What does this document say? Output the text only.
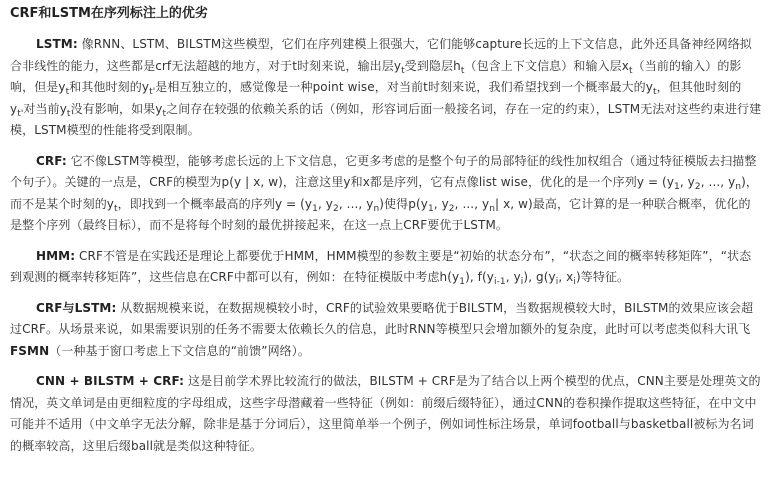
CRF和LSTM在序列标注上的优劣

LSTM: 像RNN、LSTM、BILSTM这些模型，它们在序列建模上很强大，它们能够capture长远的上下文信息，此外还具备神经网络拟合非线性的能力，这些都是crf无法超越的地方，对于t时刻来说，输出层$y_t$受到隐层$h_t$（包含上下文信息）和输入层$x_t$（当前的输入）的影响，但是$y_t$和其他时刻的$y_{t'}$是相互独立的，感觉像是一种point wise，对当前t时刻来说，我们希望找到一个概率最大的$y_t$，但其他时刻的$y_{t'}$对当前$y_t$没有影响，如果$y_t$之间存在较强的依赖关系的话（例如，形容词后面一般接名词，存在一定的约束），LSTM无法对这些约束进行建模，LSTM模型的性能将受到限制。

CRF: 它不像LSTM等模型，能够考虑长远的上下文信息，它更多考虑的是整个句子的局部特征的线性加权组合（通过特征模版去扫描整个句子）。关键的一点是，CRF的模型为p(y | x, w)，注意这里y和x都是序列，它有点像list wise，优化的是一个序列$y = (y_1$, $y_2$, ..., $y_n$)，而不是某个时刻的$y_t$，即找到一个概率最高的序列$y = (y_1$, $y_2$, ..., $y_n$)使得$p(y_1$, $y_2$, ..., $y_n|$ x, w)最高，它计算的是一种联合概率，优化的是整个序列（最终目标），而不是将每个时刻的最优拼接起来，在这一点上CRF要优于LSTM。

HMM: CRF不管是在实践还是理论上都要优于HMM，HMM模型的参数主要是“初始的状态分布”，“状态之间的概率转移矩阵”，“状态到观测的概率转移矩阵”，这些信息在CRF中都可以有，例如：在特征模版中考虑$h(y_1)$, $f(y_{i-1}$, $y_i$), $g(y_i$, $x_i$)等特征。

CRF与LSTM: 从数据规模来说，在数据规模较小时，CRF的试验效果要略优于BILSTM，当数据规模较大时，BILSTM的效果应该会超过CRF。从场景来说，如果需要识别的任务不需要太依赖长久的信息，此时RNN等模型只会增加额外的复杂度，此时可以考虑类似科大讯飞FSMN（一种基于窗口考虑上下文信息的“前馈”网络）。

CNN + BILSTM + CRF: 这是目前学术界比较流行的做法，BILSTM + CRF是为了结合以上两个模型的优点，CNN主要是处理英文的情况，英文单词是由更细粒度的字母组成，这些字母潜藏着一些特征（例如：前缀后缀特征），通过CNN的卷积操作提取这些特征，在中文中可能并不适用（中文单字无法分解，除非是基于分词后），这里简单举一个例子，例如词性标注场景，单词football与basketball被标为名词的概率较高，这里后缀ball就是类似这种特征。
